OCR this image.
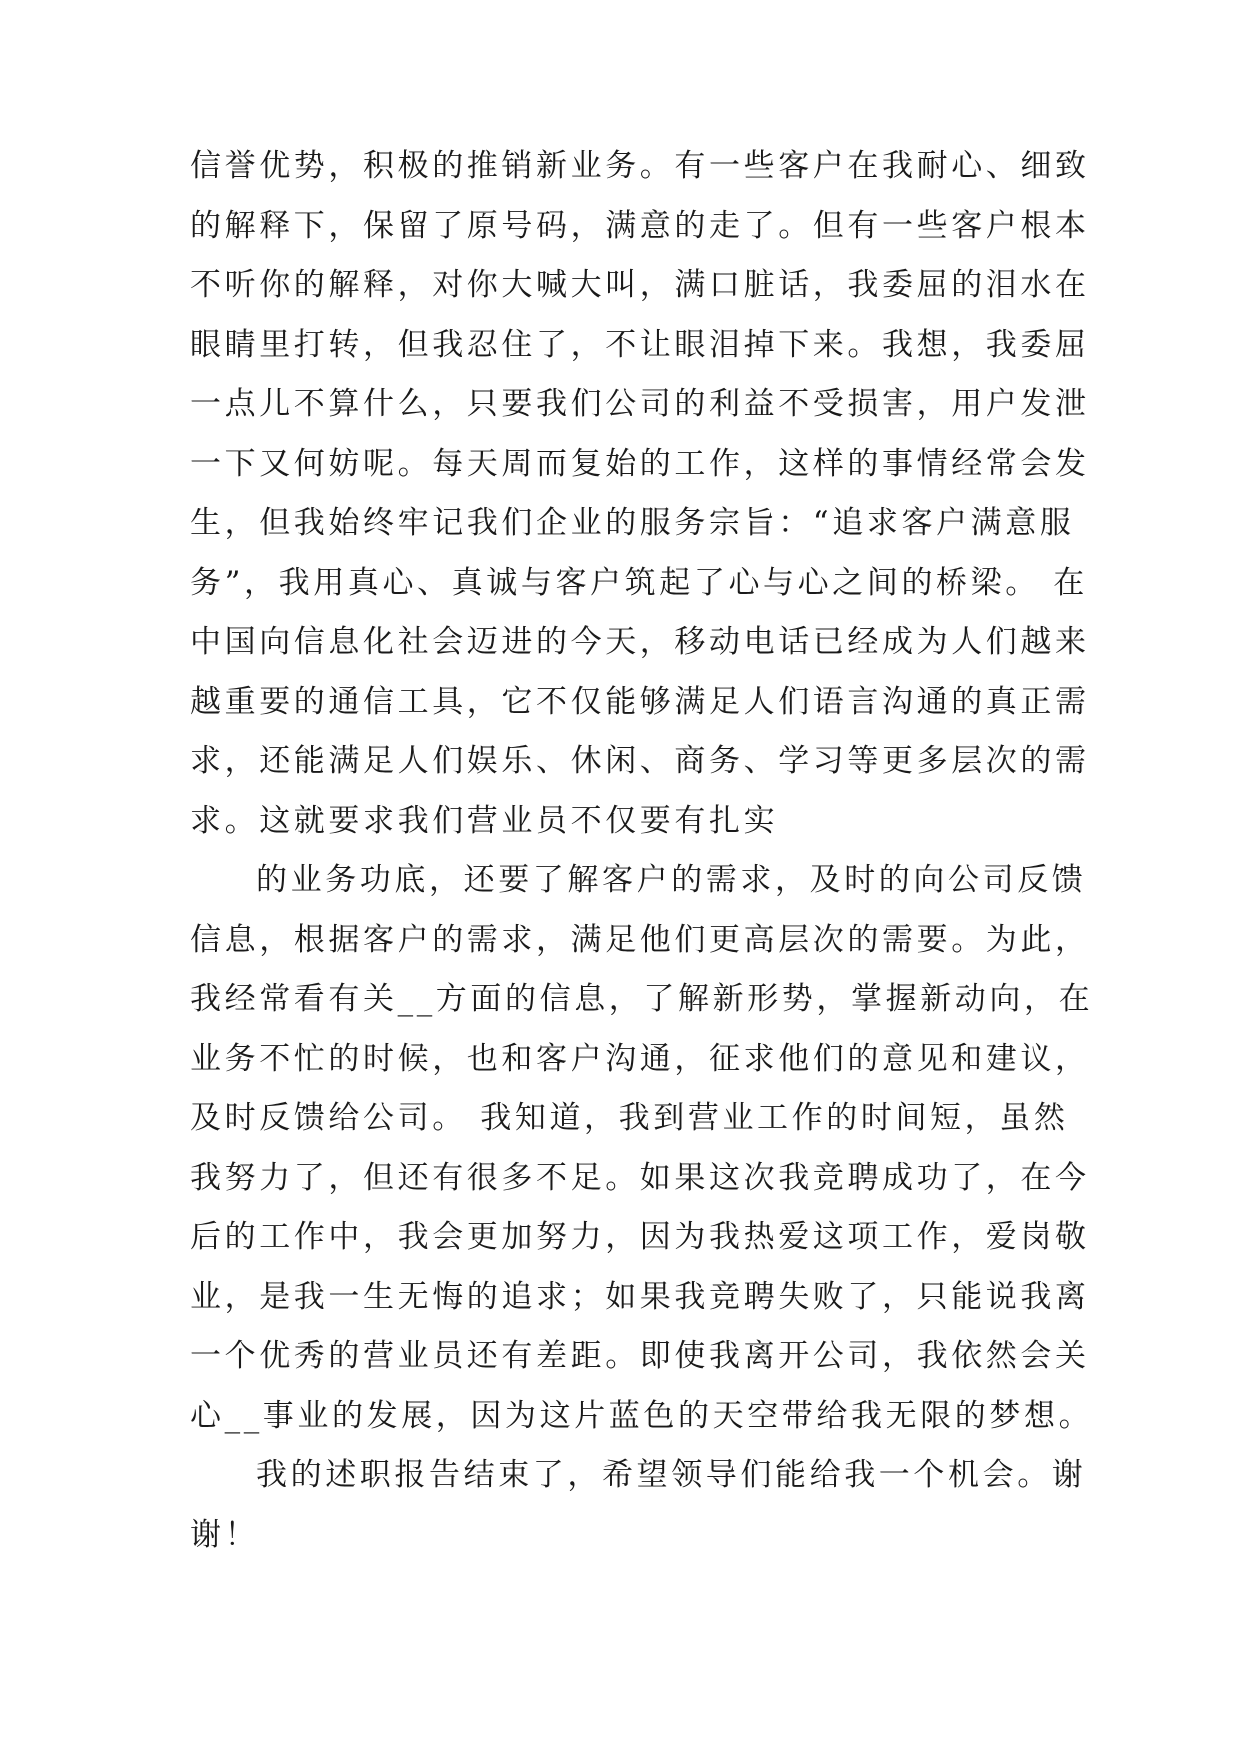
信誉优势，积极的推销新业务。有一些客户在我耐心、细致
的解释下，保留了原号码，满意的走了。但有一些客户根本
不听你的解释，对你大喊大叫，满口脏话，我委屈的泪水在
眼睛里打转，但我忍住了，不让眼泪掉下来。我想，我委屈
一点儿不算什么，只要我们公司的利益不受损害，用户发泄
一下又何妨呢。每天周而复始的工作，这样的事情经常会发
生，但我始终牢记我们企业的服务宗旨：“追求客户满意服
务”，我用真心、真诚与客户筑起了心与心之间的桥梁。 在
中国向信息化社会迈进的今天，移动电话已经成为人们越来
越重要的通信工具，它不仅能够满足人们语言沟通的真正需
求，还能满足人们娱乐、休闲、商务、学习等更多层次的需
求。这就要求我们营业员不仅要有扎实
的业务功底，还要了解客户的需求，及时的向公司反馈
信息，根据客户的需求，满足他们更高层次的需要。为此，
我经常看有关__方面的信息，了解新形势，掌握新动向，在
业务不忙的时候，也和客户沟通，征求他们的意见和建议，
及时反馈给公司。 我知道，我到营业工作的时间短，虽然
我努力了，但还有很多不足。如果这次我竞聘成功了，在今
后的工作中，我会更加努力，因为我热爱这项工作，爱岗敬
业，是我一生无悔的追求；如果我竞聘失败了，只能说我离
一个优秀的营业员还有差距。即使我离开公司，我依然会关
心__事业的发展，因为这片蓝色的天空带给我无限的梦想。
我的述职报告结束了，希望领导们能给我一个机会。谢
谢！
